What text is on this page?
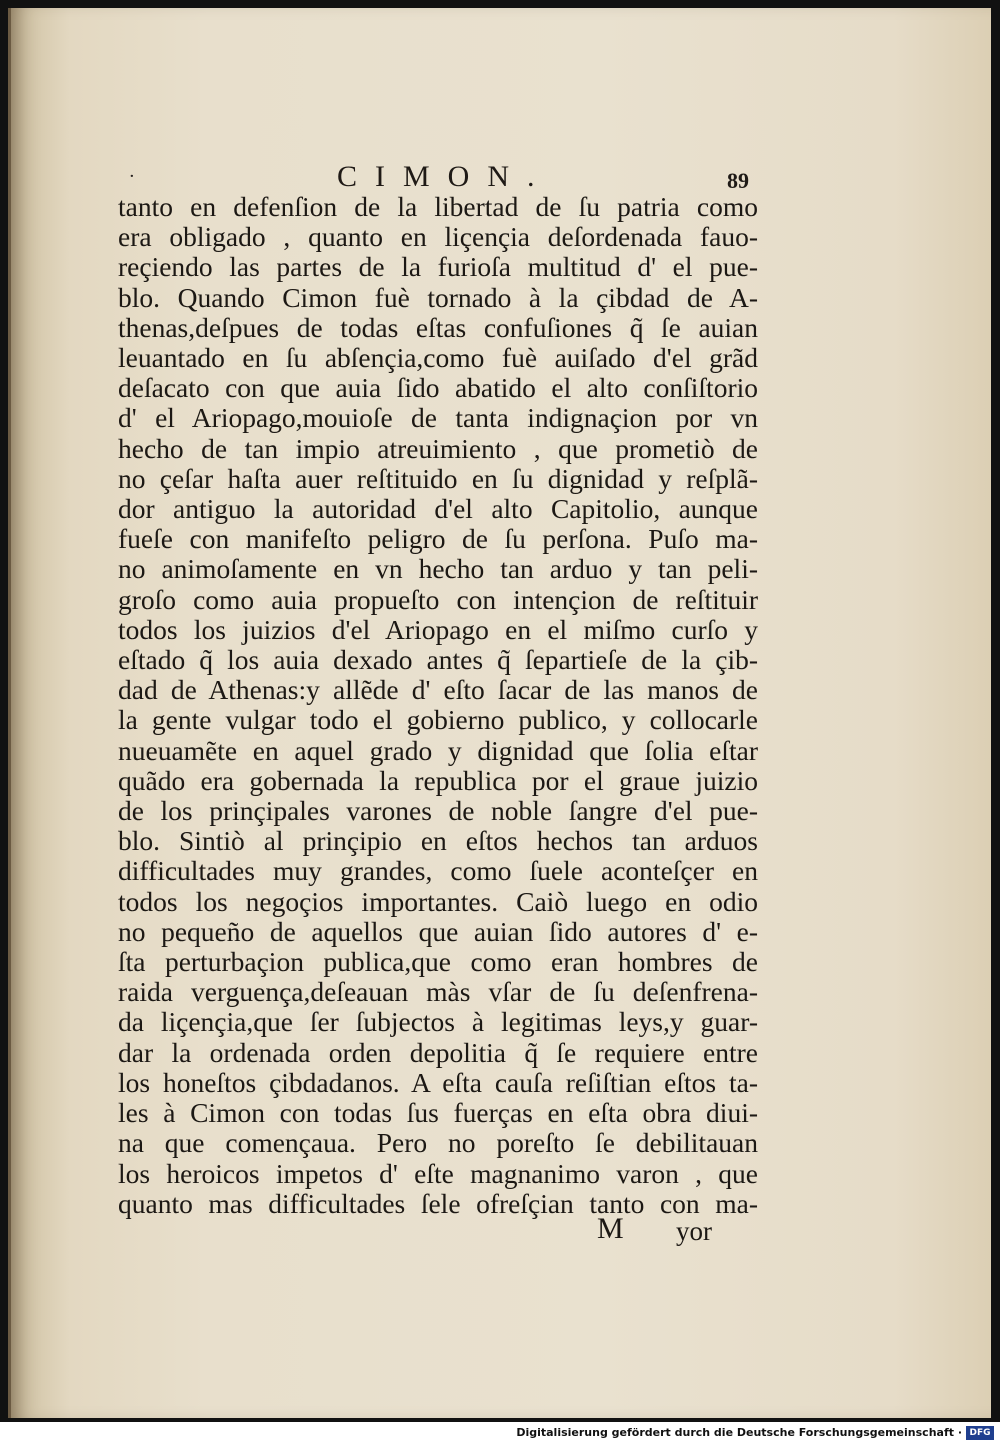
·	CIMON.	89
tanto en defenſion de la libertad de ſu patria como
era obligado , quanto en liçençia deſordenada fauo-
reçiendo las partes de la furioſa multitud d' el pue-
blo. Quando Cimon fuè tornado à la çibdad de A-
thenas,deſpues de todas eſtas confuſiones q̃ ſe auian
leuantado en ſu abſençia,como fuè auiſado d'el grãd
deſacato con que auia ſido abatido el alto conſiſtorio
d' el Ariopago,mouioſe de tanta indignaçion por vn
hecho de tan impio atreuimiento , que prometiò de
no çeſar haſta auer reſtituido en ſu dignidad y reſplã-
dor antiguo la autoridad d'el alto Capitolio, aunque
fueſe con manifeſto peligro de ſu perſona. Puſo ma-
no animoſamente en vn hecho tan arduo y tan peli-
groſo como auia propueſto con intençion de reſtituir
todos los juizios d'el Ariopago en el miſmo curſo y
eſtado q̃ los auia dexado antes q̃ ſepartieſe de la çib-
dad de Athenas:y allẽde d' eſto ſacar de las manos de
la gente vulgar todo el gobierno publico, y collocarle
nueuamẽte en aquel grado y dignidad que ſolia eſtar
quãdo era gobernada la republica por el graue juizio
de los prinçipales varones de noble ſangre d'el pue-
blo. Sintiò al prinçipio en eſtos hechos tan arduos
difficultades muy grandes, como ſuele aconteſçer en
todos los negoçios importantes. Caiò luego en odio
no pequeño de aquellos que auian ſido autores d' e-
ſta perturbaçion publica,que como eran hombres de
raida verguença,deſeauan màs vſar de ſu deſenfrena-
da liçençia,que ſer ſubjectos à legitimas leys,y guar-
dar la ordenada orden depolitia q̃ ſe requiere entre
los honeſtos çibdadanos. A eſta cauſa reſiſtian eſtos ta-
les à Cimon con todas ſus fuerças en eſta obra diui-
na que començaua. Pero no poreſto ſe debilitauan
los heroicos impetos d' eſte magnanimo varon , que
quanto mas difficultades ſele ofreſçian tanto con ma-
M yor
Digitalisierung gefördert durch die Deutsche Forschungsgemeinschaft · DFG
